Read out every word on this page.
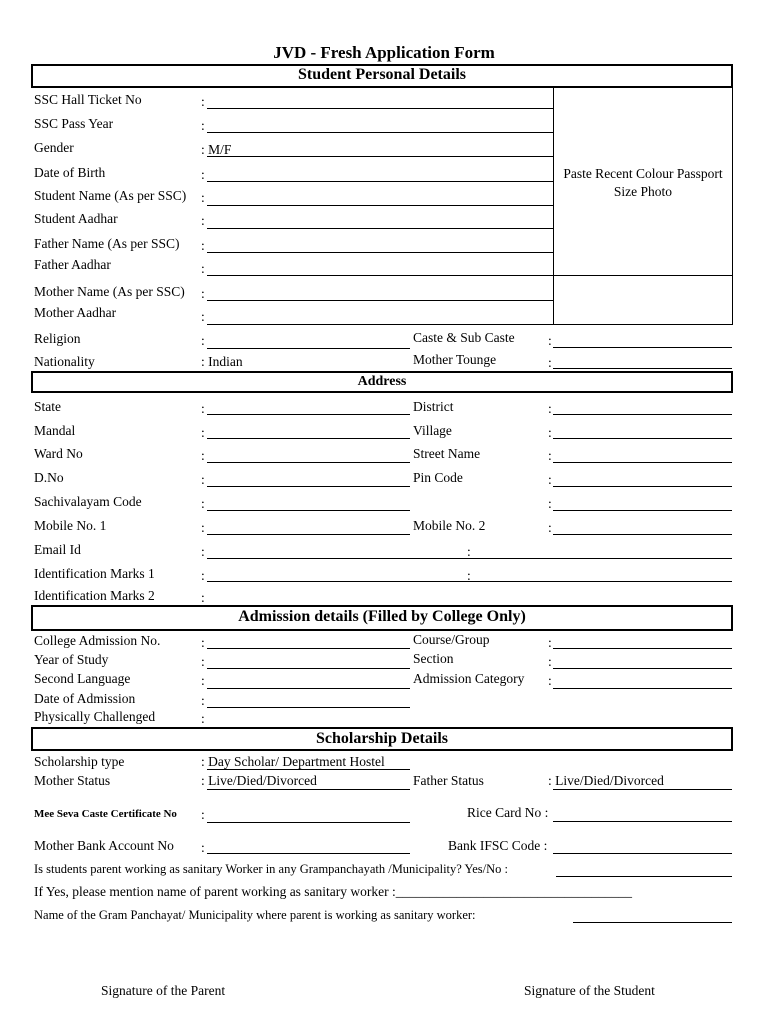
JVD - Fresh Application Form
Student Personal Details
Paste Recent Colour Passport
Size Photo
SSC Hall Ticket No	:
SSC Pass Year	:
Gender	: M/F
Date of Birth	:
Student Name (As per SSC) :
Student Aadhar	:
Father Name (As per SSC) :
Father Aadhar	:
Mother Name (As per SSC) :
Mother Aadhar	:
Religion	:	Caste & Sub Caste :
Nationality	: Indian	Mother Tounge	:
Address
State	:	District	:
Mandal	:	Village	:
Ward No	:	Street Name	:
D.No	:	Pin Code	:
Sachivalayam Code	:	:
Mobile No. 1	:	Mobile No. 2	:
Email Id	:	:
Identification Marks 1	:	:
Identification Marks 2	:
Admission details (Filled by College Only)
College Admission No.	:	Course/Group	:
Year of Study	:	Section	:
Second Language	:	Admission Category :
Date of Admission	:
Physically Challenged	:
Scholarship Details
Scholarship type	: Day Scholar/ Department Hostel
Mother Status	: Live/Died/Divorced	Father Status	: Live/Died/Divorced
Mee Seva Caste Certificate No :	Rice Card No :
Mother Bank Account No :	Bank IFSC Code :
Is students parent working as sanitary Worker in any Grampanchayath /Municipality? Yes/No :
If Yes, please mention name of parent working as sanitary worker :___________________________________
Name of the Gram Panchayat/ Municipality where parent is working as sanitary worker:
Signature of the Parent	Signature of the Student
